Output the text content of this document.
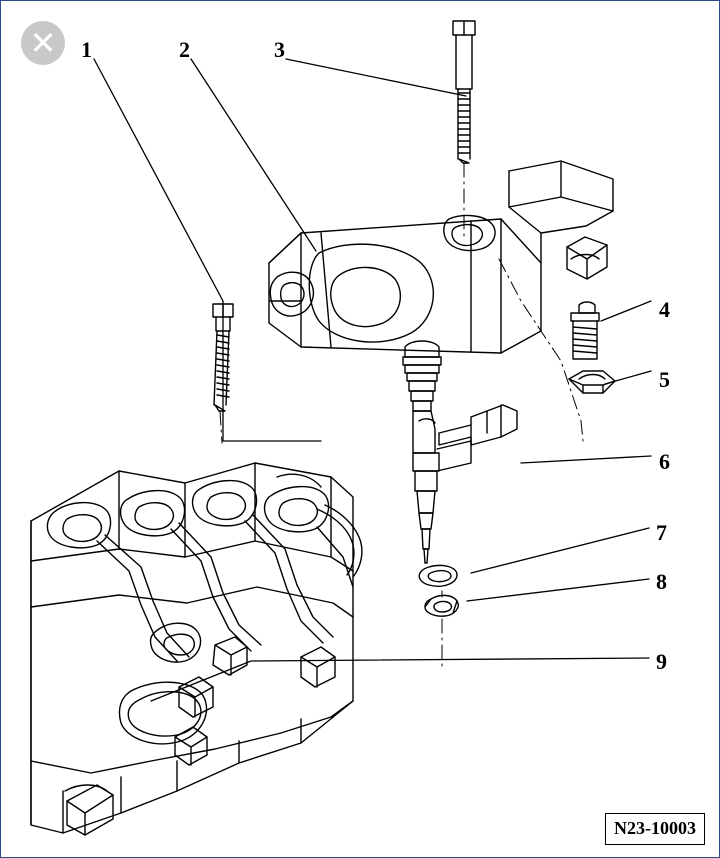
✕	1	2	3
4
5
6
7
8
9
N23-10003
